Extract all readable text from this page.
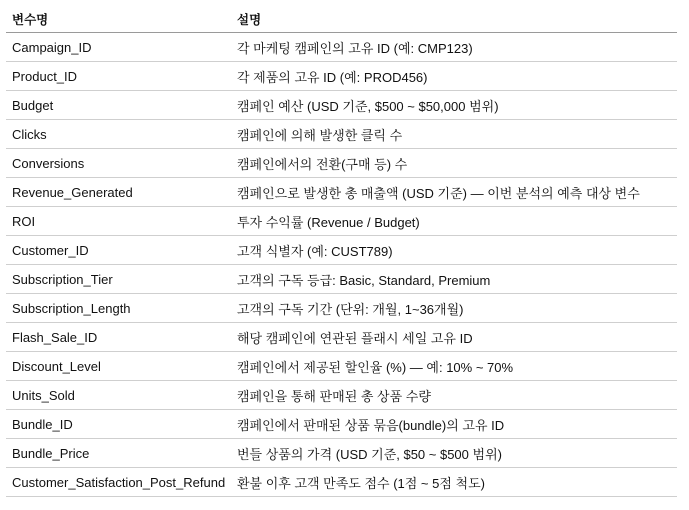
변수명	설명
Campaign_ID	각 마케팅 캠페인의 고유 ID (예: CMP123)
Product_ID	각 제품의 고유 ID (예: PROD456)
Budget	캠페인 예산 (USD 기준, $500 ~ $50,000 범위)
Clicks	캠페인에 의해 발생한 클릭 수
Conversions	캠페인에서의 전환(구매 등) 수
Revenue_Generated	캠페인으로 발생한 총 매출액 (USD 기준) — 이번 분석의 예측 대상 변수
ROI	투자 수익률 (Revenue / Budget)
Customer_ID	고객 식별자 (예: CUST789)
Subscription_Tier	고객의 구독 등급: Basic, Standard, Premium
Subscription_Length	고객의 구독 기간 (단위: 개월, 1~36개월)
Flash_Sale_ID	해당 캠페인에 연관된 플래시 세일 고유 ID
Discount_Level	캠페인에서 제공된 할인율 (%) — 예: 10% ~ 70%
Units_Sold	캠페인을 통해 판매된 총 상품 수량
Bundle_ID	캠페인에서 판매된 상품 묶음(bundle)의 고유 ID
Bundle_Price	번들 상품의 가격 (USD 기준, $50 ~ $500 범위)
Customer_Satisfaction_Post_Refund	환불 이후 고객 만족도 점수 (1점 ~ 5점 척도)
